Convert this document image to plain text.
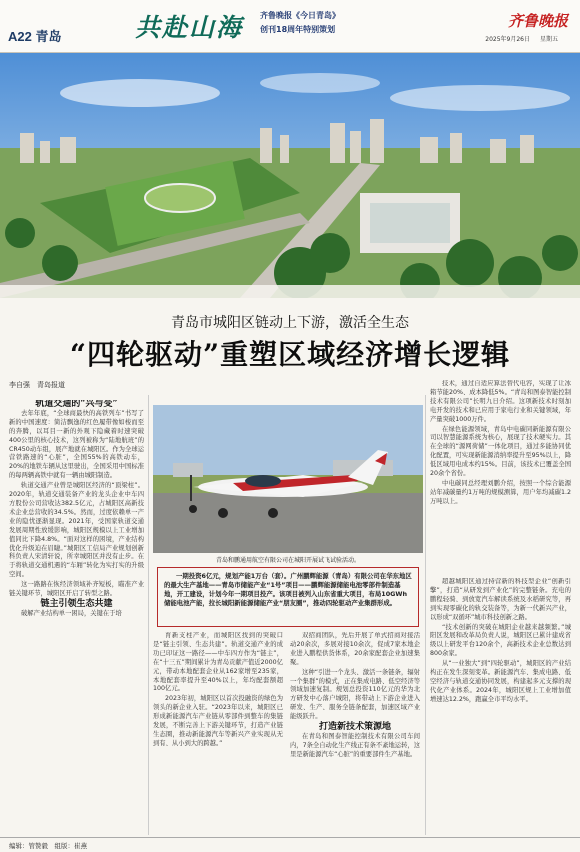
A22 青岛	共赴山海 齐鲁晚报《今日青岛》
创刊18周年特别策划	齐鲁晚报
2025年9月26日 星期五
青岛市城阳区链动上下游，激活全生态
“四轮驱动”重塑区域经济增长逻辑
李自强　青岛报道

轨道交通的“兴与变”

去年年底，“全球商最快的高铁列车”书写了新的中国速度：简洁飘逸的红色履带像如梭而至的奔腾，以耳目一新的外观下隐藏着时速突破400公里的核心技术，这列被称为“陆地航班”的CR450动车组，展产地就在城阳区。作为全球运营铁路速的“心脏”，全国55%的高铁动车，20%的地铁车辆从这里驶出，全国采用中国标准的每两辆高铁中就有一辆由城阳制造。

轨道交通产业曾是城阳区经济的“顶梁柱”。2020年，轨道交通装备产业的龙头企业中车四方股份公司营收达382.5亿元，占城阳区高新技术企业总营收的34.5%。然而，过度依赖单一产业的隐忧逐渐显现。2021年，受国家轨道交通发展周期性放缓影响，城阳区规模以上工业增加值同比下降4.8%。“面对这样的困境，产业结构优化升级迫在眉睫。”城阳区工信局产业规划创新科负责人宋清轩说，所幸城阳区并没有止步。在于将轨道交通机遇的“车厢”转化为实打实的升级空间。

这一路路在恢经济领域补齐短板，瞄准产业链关键环节，城阳区开启了转型之路。

链主引领生态共建

破解产业结构单一困局，关键在于培

青岛和鹏通用航空有限公司在城阳开展试飞试验活动。
一期投资6亿元，规划产能1万台（套）。广州鹏辉能源（青岛）有限公司在华东地区的最大生产基地——青岛市储能产业“1号”项目——鹏辉能源储能电池零部件制造基地，开工建设，计划今年一期项目投产。该项目被列入山东省重大项目，布局10GWh储能电池产能，拉长城阳新能源储能产业“朋友圈”，推动四轮驱动产业集群形成。

育新支柱产业，而城阳区找到的突破口是“链主引领、生态共建”。轨道交通产业的成功已印证这一路径——中车四方作为“链主”，在“十三五”期间累计为青岛贡献产值近2000亿元，带动本地配套企业从162家增至235家，本地配套率提升至40%以上，年均配套额超100亿元。

2023年初，城阳区以首次投融资的绿色为领头的新企业入驻。“2023年以来，城阳区已形成新能源汽车产业链从零部件到整车的集链发展，不断完善上下游关键环节，打造产业链生态圈，推动新能源汽车等新兴产业实现从无到有、从小到大的跨越。”

双招商团队，先后开展了单式招商对接活动20余次，多展对接10余次，促成7家本地企业进入鹏程供货体系，20余家配套企业加速集聚。

这种“引进一个龙头、激活一条链条，辐射一个集群”的模式，正在集成电路、低空经济等领域加速复制。规划总投资110亿元的华为北方研发中心落户城阳，将带动上下游企业进入研发、生产、服务全链条配套，加速区域产业能级跃升。

打造新技术策源地

在青岛和图泰智能控制技术有限公司车间内，7条全自动化生产线正有条不紊地运转，这里是新能源汽车“心脏”的重要部件生产基地。

技术，通过自适应算法替代电容，实现了让冰箱节能20%、成本降低5%。“青岛和图泰智能控制技术有限公司”长明九日介绍。这项新技术时刻加电开发的技术和已应用于家电行业和关键领域，年产量突破1000万件。

在绿色能源领域，青岛中电碳同新能源有限公司以智慧能源系统为核心，展现了技术硬实力。其在全球的“源网荷储”一体化项目，通过多能协同优化配置，可实现新能源消纳率提升至95%以上，降低区域用电成本约15%。目前，该技术已覆盖全国20余个省份。

中电碳同总经理刘鹏介绍，按照一个综合能源站年减碳量约1万吨的规模测算，用户年均减碳1.2万吨以上。

超越城阳区通过持营新的科技型企业“创新引擎”，打造“从研发到产业化”的完整链条。充电的鹏程轻骑、到放宽汽车解读系统及水稻研究等，再到实现零碳化的轨交装备等，为新一代新兴产业，以形成“双循环”城市科技创新之路。

“技术创新的突破在城阳企业越来越频繁。”城阳区发展和改革局负责人说，城阳区已累计建成省级以上研发平台120余个，高新技术企业总数达到800余家。

从“一业独大”到“四轮驱动”，城阳区的产业结构正在发生深刻变革。新能源汽车、集成电路、低空经济与轨道交通协同发展，构建起多元支撑的现代化产业体系。2024年，城阳区规上工业增加值增速达12.2%，跑赢全市平均水平。

编辑：管赞毅　组版：崔燕
